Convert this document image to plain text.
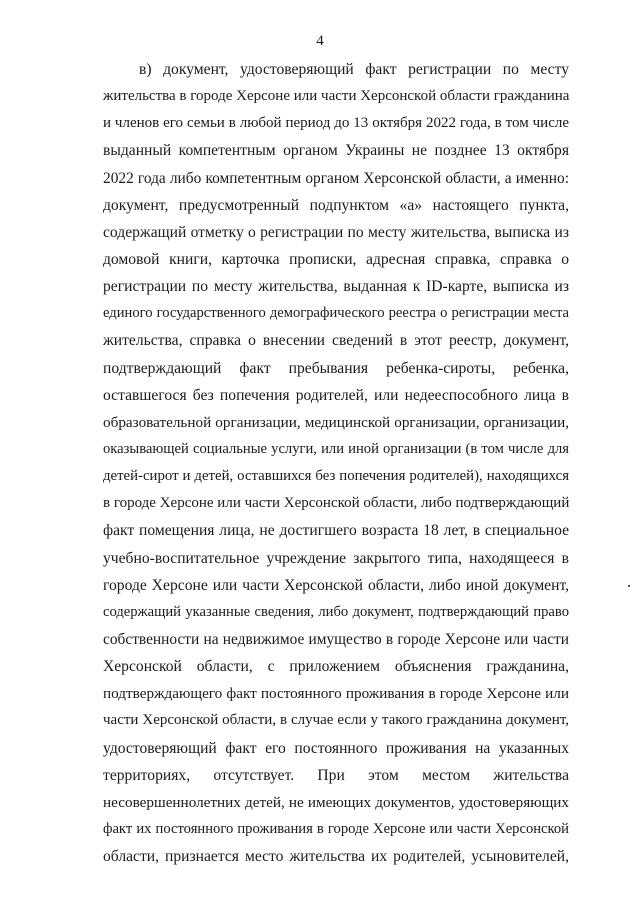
4
в) документ, удостоверяющий факт регистрации по месту
жительства в городе Херсоне или части Херсонской области гражданина
и членов его семьи в любой период до 13 октября 2022 года, в том числе
выданный компетентным органом Украины не позднее 13 октября
2022 года либо компетентным органом Херсонской области, а именно:
документ, предусмотренный подпунктом «а» настоящего пункта,
содержащий отметку о регистрации по месту жительства, выписка из
домовой книги, карточка прописки, адресная справка, справка о
регистрации по месту жительства, выданная к ID-карте, выписка из
единого государственного демографического реестра о регистрации места
жительства, справка о внесении сведений в этот реестр, документ,
подтверждающий факт пребывания ребенка-сироты, ребенка,
оставшегося без попечения родителей, или недееспособного лица в
образовательной организации, медицинской организации, организации,
оказывающей социальные услуги, или иной организации (в том числе для
детей-сирот и детей, оставшихся без попечения родителей), находящихся
в городе Херсоне или части Херсонской области, либо подтверждающий
факт помещения лица, не достигшего возраста 18 лет, в специальное
учебно-воспитательное учреждение закрытого типа, находящееся в
городе Херсоне или части Херсонской области, либо иной документ,
содержащий указанные сведения, либо документ, подтверждающий право
собственности на недвижимое имущество в городе Херсоне или части
Херсонской области, с приложением объяснения гражданина,
подтверждающего факт постоянного проживания в городе Херсоне или
части Херсонской области, в случае если у такого гражданина документ,
удостоверяющий факт его постоянного проживания на указанных
территориях, отсутствует. При этом местом жительства
несовершеннолетних детей, не имеющих документов, удостоверяющих
факт их постоянного проживания в городе Херсоне или части Херсонской
области, признается место жительства их родителей, усыновителей,
